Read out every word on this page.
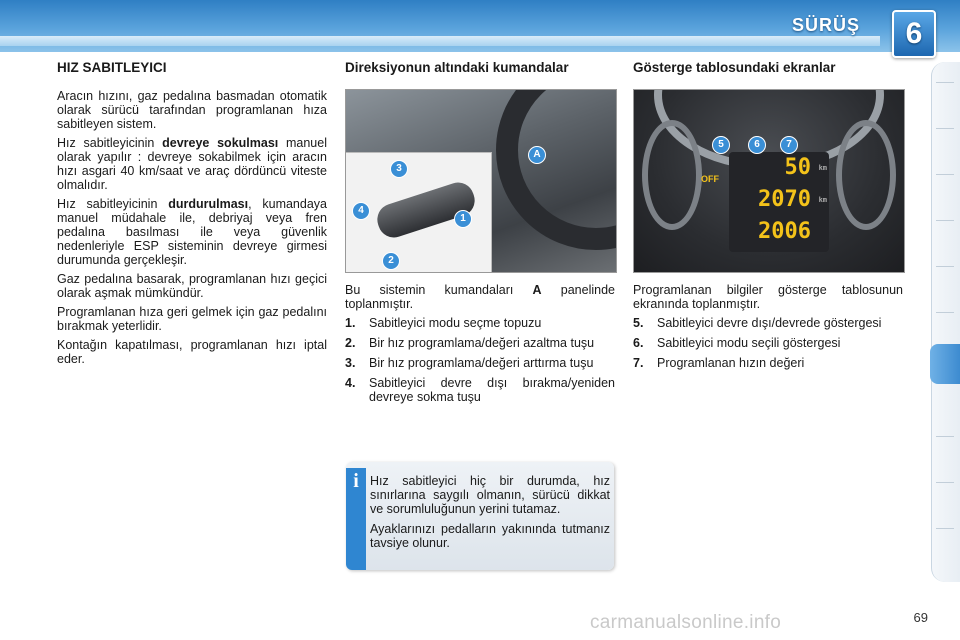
SÜRÜŞ	6
HIZ SABITLEYICI

Aracın hızını, gaz pedalına basmadan otomatik olarak sürücü tarafından programlanan hıza sabitleyen sistem.

Hız sabitleyicinin devreye sokulması manuel olarak yapılır : devreye sokabilmek için aracın hızı asgari 40 km/saat ve araç dördüncü viteste olmalıdır.

Hız sabitleyicinin durdurulması, kumandaya manuel müdahale ile, debriyaj veya fren pedalına basılması ile veya güvenlik nedenleriyle ESP sisteminin devreye girmesi durumunda gerçekleşir.

Gaz pedalına basarak, programlanan hızı geçici olarak aşmak mümkündür.

Programlanan hıza geri gelmek için gaz pedalını bırakmak yeterlidir.

Kontağın kapatılması, programlanan hızı iptal eder.

Direksiyonun altındaki kumandalar
A
1
2
3
4

Bu sistemin kumandaları A panelinde toplanmıştır.

1. Sabitleyici modu seçme topuzu
2. Bir hız programlama/değeri azaltma tuşu
3. Bir hız programlama/değeri arttırma tuşu
4. Sabitleyici devre dışı bırakma/yeniden devreye sokma tuşu
Gösterge tablosundaki ekranlar
OFF	50 km
2070 km
2006
5	6	7

Programlanan bilgiler gösterge tablosunun ekranında toplanmıştır.

5. Sabitleyici devre dışı/devrede göstergesi
6. Sabitleyici modu seçili göstergesi
7. Programlanan hızın değeri
i Hız sabitleyici hiç bir durumda, hız sınırlarına saygılı olmanın, sürücü dikkat ve sorumluluğunun yerini tutamaz.

Ayaklarınızı pedalların yakınında tutmanız tavsiye olunur.

carmanualsonline.info	69
